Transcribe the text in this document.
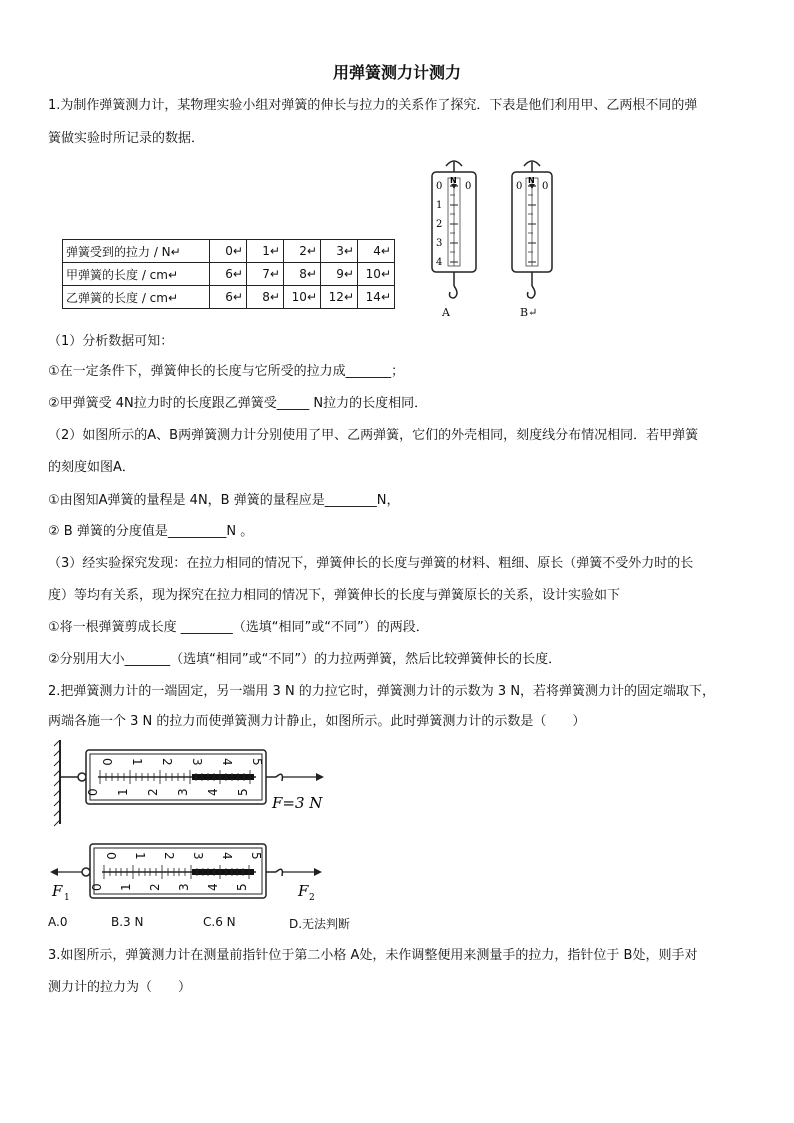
用弹簧测力计测力
1.为制作弹簧测力计，某物理实验小组对弹簧的伸长与拉力的关系作了探究．下表是他们利用甲、乙两根不同的弹
簧做实验时所记录的数据．
弹簧受到的拉力 / N↵	0↵	1↵	2↵	3↵	4↵
甲弹簧的长度 / cm↵	6↵	7↵	8↵	9↵	10↵
乙弹簧的长度 / cm↵	6↵	8↵	10↵	12↵	14↵
0
1
2
3
4
0
N
0 0
N
A	B↵
（1）分析数据可知：
①在一定条件下，弹簧伸长的长度与它所受的拉力成_______；
②甲弹簧受 4N拉力时的长度跟乙弹簧受_____ N拉力的长度相同．
（2）如图所示的A、B两弹簧测力计分别使用了甲、乙两弹簧，它们的外壳相同，刻度线分布情况相同．若甲弹簧
的刻度如图A．
①由图知A弹簧的量程是 4N，B 弹簧的量程应是________N，
② B 弹簧的分度值是_________N 。
（3）经实验探究发现：在拉力相同的情况下，弹簧伸长的长度与弹簧的材料、粗细、原长（弹簧不受外力时的长
度）等均有关系，现为探究在拉力相同的情况下，弹簧伸长的长度与弹簧原长的关系，设计实验如下
①将一根弹簧剪成长度 ________（选填“相同”或“不同”）的两段．
②分别用大小_______（选填“相同”或“不同”）的力拉两弹簧，然后比较弹簧伸长的长度．
2.把弹簧测力计的一端固定，另一端用 3 N 的力拉它时，弹簧测力计的示数为 3 N，若将弹簧测力计的固定端取下，
两端各施一个 3 N 的拉力而使弹簧测力计静止，如图所示。此时弹簧测力计的示数是（　　）
0 1 2 3 4 5
0 1 2 3 4 5
F=3 N
0 1 2 3 4 5
0 1 2 3 4 5
F 1	F 2
A.0	B.3 N	C.6 N	D.无法判断
3.如图所示，弹簧测力计在测量前指针位于第二小格 A处，未作调整便用来测量手的拉力，指针位于 B处，则手对
测力计的拉力为（　　）
